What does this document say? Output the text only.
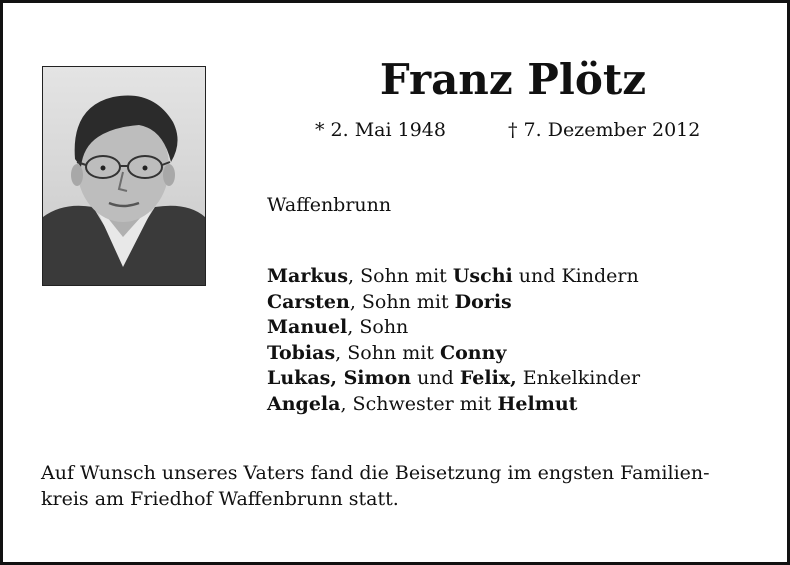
Franz Plötz
* 2. Mai 1948	† 7. Dezember 2012
Waffenbrunn
Markus, Sohn mit Uschi und Kindern
Carsten, Sohn mit Doris
Manuel, Sohn
Tobias, Sohn mit Conny
Lukas, Simon und Felix, Enkelkinder
Angela, Schwester mit Helmut
Auf Wunsch unseres Vaters fand die Beisetzung im engsten Familien-
kreis am Friedhof Waffenbrunn statt.
